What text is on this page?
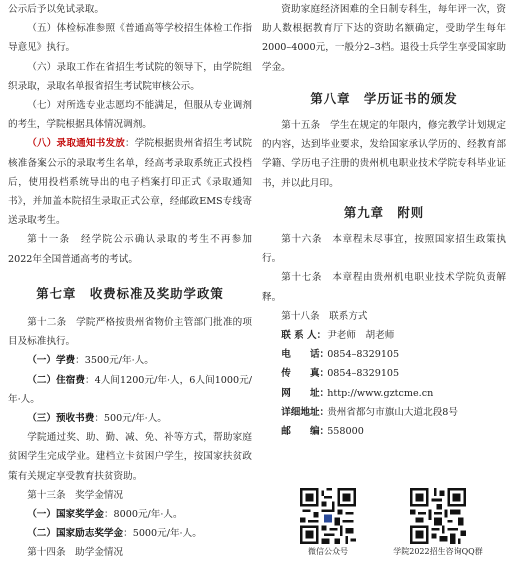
公示后予以免试录取。

（五）体检标准参照《普通高等学校招生体检工作指导意见》执行。

（六）录取工作在省招生考试院的领导下，由学院组织录取，录取名单报省招生考试院审核公示。

（七）对所选专业志愿均不能满足，但服从专业调剂的考生，学院根据具体情况调剂。

（八）录取通知书发放：学院根据贵州省招生考试院核准备案公示的录取考生名单，经高考录取系统正式投档后，使用投档系统导出的电子档案打印正式《录取通知书》，并加盖本院招生录取正式公章，经邮政EMS专线寄送录取考生。

第十一条　经学院公示确认录取的考生不再参加2022年全国普通高考的考试。

第七章　收费标准及奖助学政策

第十二条　学院严格按贵州省物价主管部门批准的项目及标准执行。

（一）学费：3500元/年·人。

（二）住宿费：4人间1200元/年·人，6人间1000元/年·人。

（三）预收书费：500元/年·人。

学院通过奖、助、勤、减、免、补等方式，帮助家庭贫困学生完成学业。建档立卡贫困户学生，按国家扶贫政策有关规定享受教育扶贫资助。

第十三条　奖学金情况

（一）国家奖学金：8000元/年·人。

（二）国家励志奖学金：5000元/年·人。

第十四条　助学金情况

资助家庭经济困难的全日制专科生，每年评一次，资助人数根据教育厅下达的资助名额确定，受助学生每年2000–4000元，一般分2–3档。退役士兵学生享受国家助学金。

第八章　学历证书的颁发

第十五条　学生在规定的年限内，修完教学计划规定的内容，达到毕业要求，发给国家承认学历的、经教育部学籍、学历电子注册的贵州机电职业技术学院专科毕业证书，并以此月印。

第九章　附则

第十六条　本章程未尽事宜，按照国家招生政策执行。

第十七条　本章程由贵州机电职业技术学院负责解释。

第十八条　联系方式

联 系 人：尹老师　胡老师

电　　话：0854–8329105

传　　真：0854–8329105

网　　址：http://www.gztcme.cn

详细地址：贵州省都匀市旗山大道北段8号

邮　　编：558000

微信公众号	学院2022招生咨询QQ群
